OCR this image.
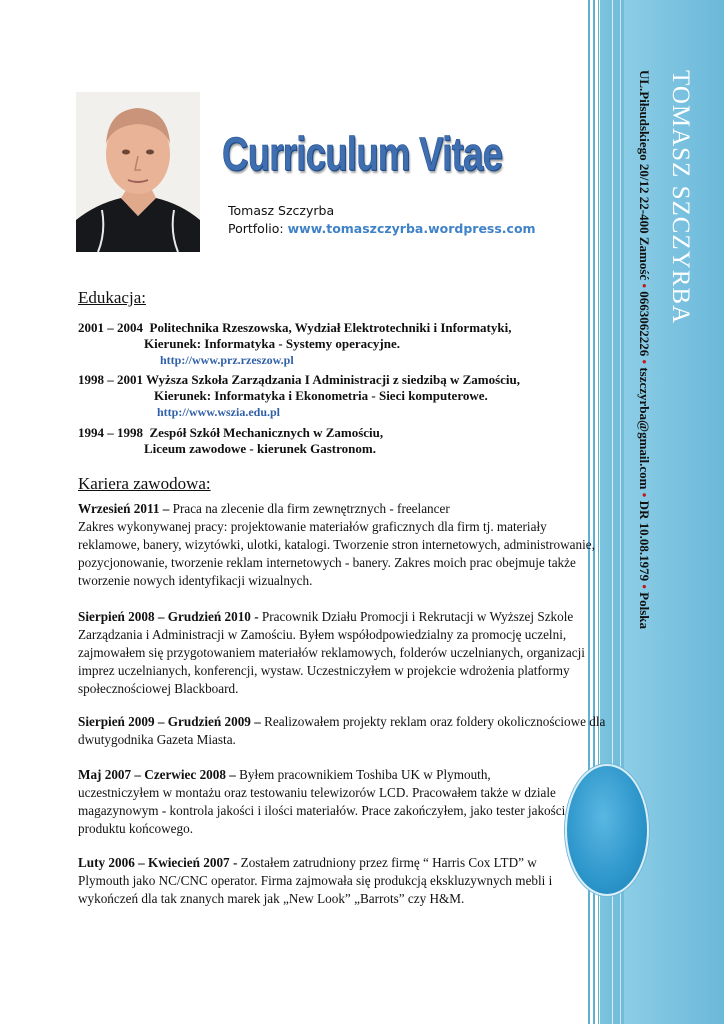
TOMASZ SZCZYRBA
UL.Piłsudskiego 20/12 22-400 Zamość • 0663062226 • tszczyrba@gmail.com • DR 10.08.1979 • Polska
Curriculum Vitae
Tomasz Szczyrba
Portfolio: www.tomaszczyrba.wordpress.com
Edukacja:
2001 – 2004 Politechnika Rzeszowska, Wydział Elektrotechniki i Informatyki,
Kierunek: Informatyka - Systemy operacyjne.
http://www.prz.rzeszow.pl
1998 – 2001 Wyższa Szkoła Zarządzania I Administracji z siedzibą w Zamościu,
Kierunek: Informatyka i Ekonometria - Sieci komputerowe.
http://www.wszia.edu.pl
1994 – 1998 Zespół Szkół Mechanicznych w Zamościu,
Liceum zawodowe - kierunek Gastronom.
Kariera zawodowa:
Wrzesień 2011 – Praca na zlecenie dla firm zewnętrznych - freelancer
Zakres wykonywanej pracy: projektowanie materiałów graficznych dla firm tj. materiały reklamowe, banery, wizytówki, ulotki, katalogi. Tworzenie stron internetowych, administrowanie, pozycjonowanie, tworzenie reklam internetowych - banery. Zakres moich prac obejmuje także tworzenie nowych identyfikacji wizualnych.
Sierpień 2008 – Grudzień 2010 - Pracownik Działu Promocji i Rekrutacji w Wyższej Szkole Zarządzania i Administracji w Zamościu. Byłem współodpowiedzialny za promocję uczelni, zajmowałem się przygotowaniem materiałów reklamowych, folderów uczelnianych, organizacji imprez uczelnianych, konferencji, wystaw. Uczestniczyłem w projekcie wdrożenia platformy społecznościowej Blackboard.
Sierpień 2009 – Grudzień 2009 – Realizowałem projekty reklam oraz foldery okolicznościowe dla dwutygodnika Gazeta Miasta.
Maj 2007 – Czerwiec 2008 – Byłem pracownikiem Toshiba UK w Plymouth, uczestniczyłem w montażu oraz testowaniu telewizorów LCD. Pracowałem także w dziale magazynowym - kontrola jakości i ilości materiałów. Prace zakończyłem, jako tester jakości produktu końcowego.
Luty 2006 – Kwiecień 2007 - Zostałem zatrudniony przez firmę “ Harris Cox LTD” w Plymouth jako NC/CNC operator. Firma zajmowała się produkcją ekskluzywnych mebli i wykończeń dla tak znanych marek jak „New Look” „Barrots” czy H&M.
